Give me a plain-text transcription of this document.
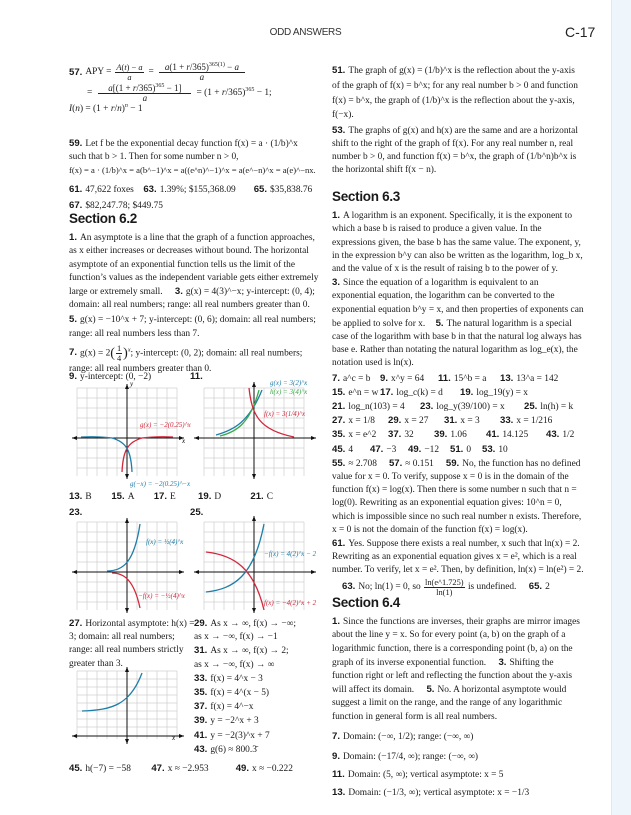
ODD ANSWERS	C-17
57. APY = $\frac{A(t) - a}{a} = \frac{a(1 + r/365)^{365(1)} - a}{a}$
= $\frac{a[(1 + r/365)^{365} - 1]}{a} = (1 + r/365)^{365} - 1$;
$I(n) = (1 + r/n)^n - 1$
59. Let f be the exponential decay function f(x) = a · (1/b)^x
such that b > 1. Then for some number n > 0,
f(x) = a · (1/b)^x = a(b^−1)^x = a((e^n)^−1)^x = a(e^−n)^x = a(e)^−nx.
61. 47,622 foxes 63. 1.39%; $155,368.09 65. $35,838.76
67. $82,247.78; $449.75
Section 6.2
1. An asymptote is a line that the graph of a function approaches, as x either increases or decreases without bound. The horizontal asymptote of an exponential function tells us the limit of the function’s values as the independent variable gets either extremely large or extremely small. 3. g(x) = 4(3)^−x; y-intercept: (0, 4); domain: all real numbers; range: all real numbers greater than 0.
5. g(x) = −10^x + 7; y-intercept: (0, 6); domain: all real numbers; range: all real numbers less than 7.
7. $g(x) = 2( \frac{1}{4} )^x$; y-intercept: (0, 2); domain: all real numbers;
range: all real numbers greater than 0.
9. y-intercept: (0, −2)	11.
y
x
g(x) = −2(0.25)^x
g(−x) = −2(0.25)^−x
g(x) = 3(2)^x
h(x) = 3(4)^x
f(x) = 3(1/4)^x
13. B 15. A 17. E 19. D	21. C
23.	25.
f(x) = ½(4)^x
−f(x) = −½(4)^x
−f(x) = 4(2)^x − 2
f(x) = −4(2)^x + 2
27. Horizontal asymptote: h(x) = 3; domain: all real numbers; range: all real numbers strictly greater than 3.
x
29. As x → ∞, f(x) → −∞;
as x → −∞, f(x) → −1
31. As x → ∞, f(x) → 2;
as x → −∞, f(x) → ∞
33. f(x) = 4^x − 3
35. f(x) = 4^(x − 5)
37. f(x) = 4^−x
39. y = −2^x + 3
41. y = −2(3)^x + 7
43. g(6) ≈ 800.3̄
45. h(−7) = −58 47. x ≈ −2.953	49. x ≈ −0.222
51. The graph of g(x) = (1/b)^x is the reflection about the y-axis
of the graph of f(x) = b^x; for any real number b > 0 and function
f(x) = b^x, the graph of (1/b)^x is the reflection about the y-axis, f(−x).
53. The graphs of g(x) and h(x) are the same and are a horizontal shift to the right of the graph of f(x). For any real number n, real number b > 0, and function f(x) = b^x, the graph of (1/b^n)b^x is the horizontal shift f(x − n).
Section 6.3
1. A logarithm is an exponent. Specifically, it is the exponent to which a base b is raised to produce a given value. In the expressions given, the base b has the same value. The exponent, y, in the expression b^y can also be written as the logarithm, log_b x, and the value of x is the result of raising b to the power of y.
3. Since the equation of a logarithm is equivalent to an exponential equation, the logarithm can be converted to the exponential equation b^y = x, and then properties of exponents can be applied to solve for x. 5. The natural logarithm is a special case of the logarithm with base b in that the natural log always has base e. Rather than notating the natural logarithm as log_e(x), the notation used is ln(x).
7. a^c = b 9. x^y = 64 11. 15^b = a 13. 13^a = 142
15. e^n = w 17. log_c(k) = d 19. log_19(y) = x
21. log_n(103) = 4 23. log_y(39/100) = x 25. ln(h) = k
27. x = 1/8 29. x = 27 31. x = 3 33. x = 1/216
35. x = e^2 37. 32 39. 1.06 41. 14.125 43. 1/2
45. 4 47. −3 49. −12 51. 0 53. 10
55. ≈ 2.708 57. ≈ 0.151 59. No, the function has no defined value for x = 0. To verify, suppose x = 0 is in the domain of the function f(x) = log(x). Then there is some number n such that n = log(0). Rewriting as an exponential equation gives: 10^n = 0, which is impossible since no such real number n exists. Therefore, x = 0 is not the domain of the function f(x) = log(x).
61. Yes. Suppose there exists a real number, x such that ln(x) = 2. Rewriting as an exponential equation gives x = e², which is a real number. To verify, let x = e². Then, by definition, ln(x) = ln(e²) = 2. 63. No; ln(1) = 0, so $\frac{\ln(e\^{}1.725)}{\ln(1)}$ is undefined. 65. 2
Section 6.4
1. Since the functions are inverses, their graphs are mirror images about the line y = x. So for every point (a, b) on the graph of a logarithmic function, there is a corresponding point (b, a) on the graph of its inverse exponential function. 3. Shifting the function right or left and reflecting the function about the y-axis will affect its domain. 5. No. A horizontal asymptote would suggest a limit on the range, and the range of any logarithmic function in general form is all real numbers.
7. Domain: (−∞, 1/2); range: (−∞, ∞)
9. Domain: (−17/4, ∞); range: (−∞, ∞)
11. Domain: (5, ∞); vertical asymptote: x = 5
13. Domain: (−1/3, ∞); vertical asymptote: x = −1/3
